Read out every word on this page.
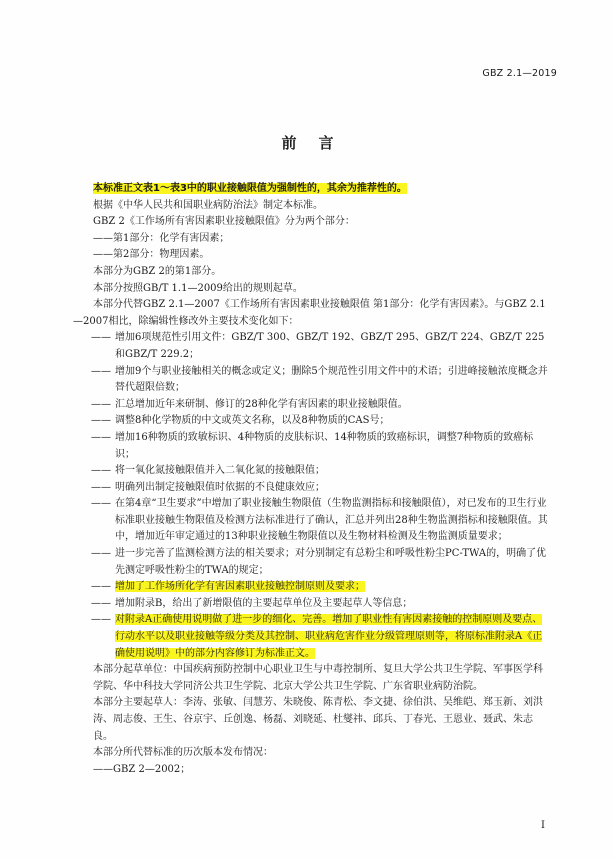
GBZ 2.1—2019
前言

本标准正文表1～表3中的职业接触限值为强制性的，其余为推荐性的。

根据《中华人民共和国职业病防治法》制定本标准。

GBZ 2《工作场所有害因素职业接触限值》分为两个部分：

——第1部分：化学有害因素；

——第2部分：物理因素。

本部分为GBZ 2的第1部分。

本部分按照GB/T 1.1—2009给出的规则起草。

本部分代替GBZ 2.1—2007《工作场所有害因素职业接触限值 第1部分：化学有害因素》。与GBZ 2.1

—2007相比，除编辑性修改外主要技术变化如下：

—— 增加6项规范性引用文件：GBZ/T 300、GBZ/T 192、GBZ/T 295、GBZ/T 224、GBZ/T 225和GBZ/T 229.2；
—— 增加9个与职业接触相关的概念或定义；删除5个规范性引用文件中的术语；引进峰接触浓度概念并替代超限倍数；
—— 汇总增加近年来研制、修订的28种化学有害因素的职业接触限值。
—— 调整8种化学物质的中文或英文名称，以及8种物质的CAS号；
—— 增加16种物质的致敏标识、4种物质的皮肤标识、14种物质的致癌标识，调整7种物质的致癌标识；
—— 将一氧化氮接触限值并入二氧化氮的接触限值；
—— 明确列出制定接触限值时依据的不良健康效应；
—— 在第4章“卫生要求”中增加了职业接触生物限值（生物监测指标和接触限值），对已发布的卫生行业标准职业接触生物限值及检测方法标准进行了确认，汇总并列出28种生物监测指标和接触限值。其中，增加近年审定通过的13种职业接触生物限值以及生物材料检测及生物监测质量要求；
—— 进一步完善了监测检测方法的相关要求；对分别制定有总粉尘和呼吸性粉尘PC-TWA的，明确了优先测定呼吸性粉尘的TWA的规定；
—— 增加了工作场所化学有害因素职业接触控制原则及要求；
—— 增加附录B，给出了新增限值的主要起草单位及主要起草人等信息；
—— 对附录A正确使用说明做了进一步的细化、完善。增加了职业性有害因素接触的控制原则及要点、行动水平以及职业接触等级分类及其控制、职业病危害作业分级管理原则等，将原标准附录A《正确使用说明》中的部分内容修订为标准正文。

本部分起草单位：中国疾病预防控制中心职业卫生与中毒控制所、复旦大学公共卫生学院、军事医学科学院、华中科技大学同济公共卫生学院、北京大学公共卫生学院、广东省职业病防治院。

本部分主要起草人：李涛、张敏、闫慧芳、朱晓俊、陈青松、李文捷、徐伯洪、吴维皑、郑玉新、刘洪涛、周志俊、王生、谷京宇、丘创逸、杨磊、刘晓延、杜燮祎、邱兵、丁春光、王恩业、聂武、朱志良。

本部分所代替标准的历次版本发布情况：

——GBZ 2—2002；

I
